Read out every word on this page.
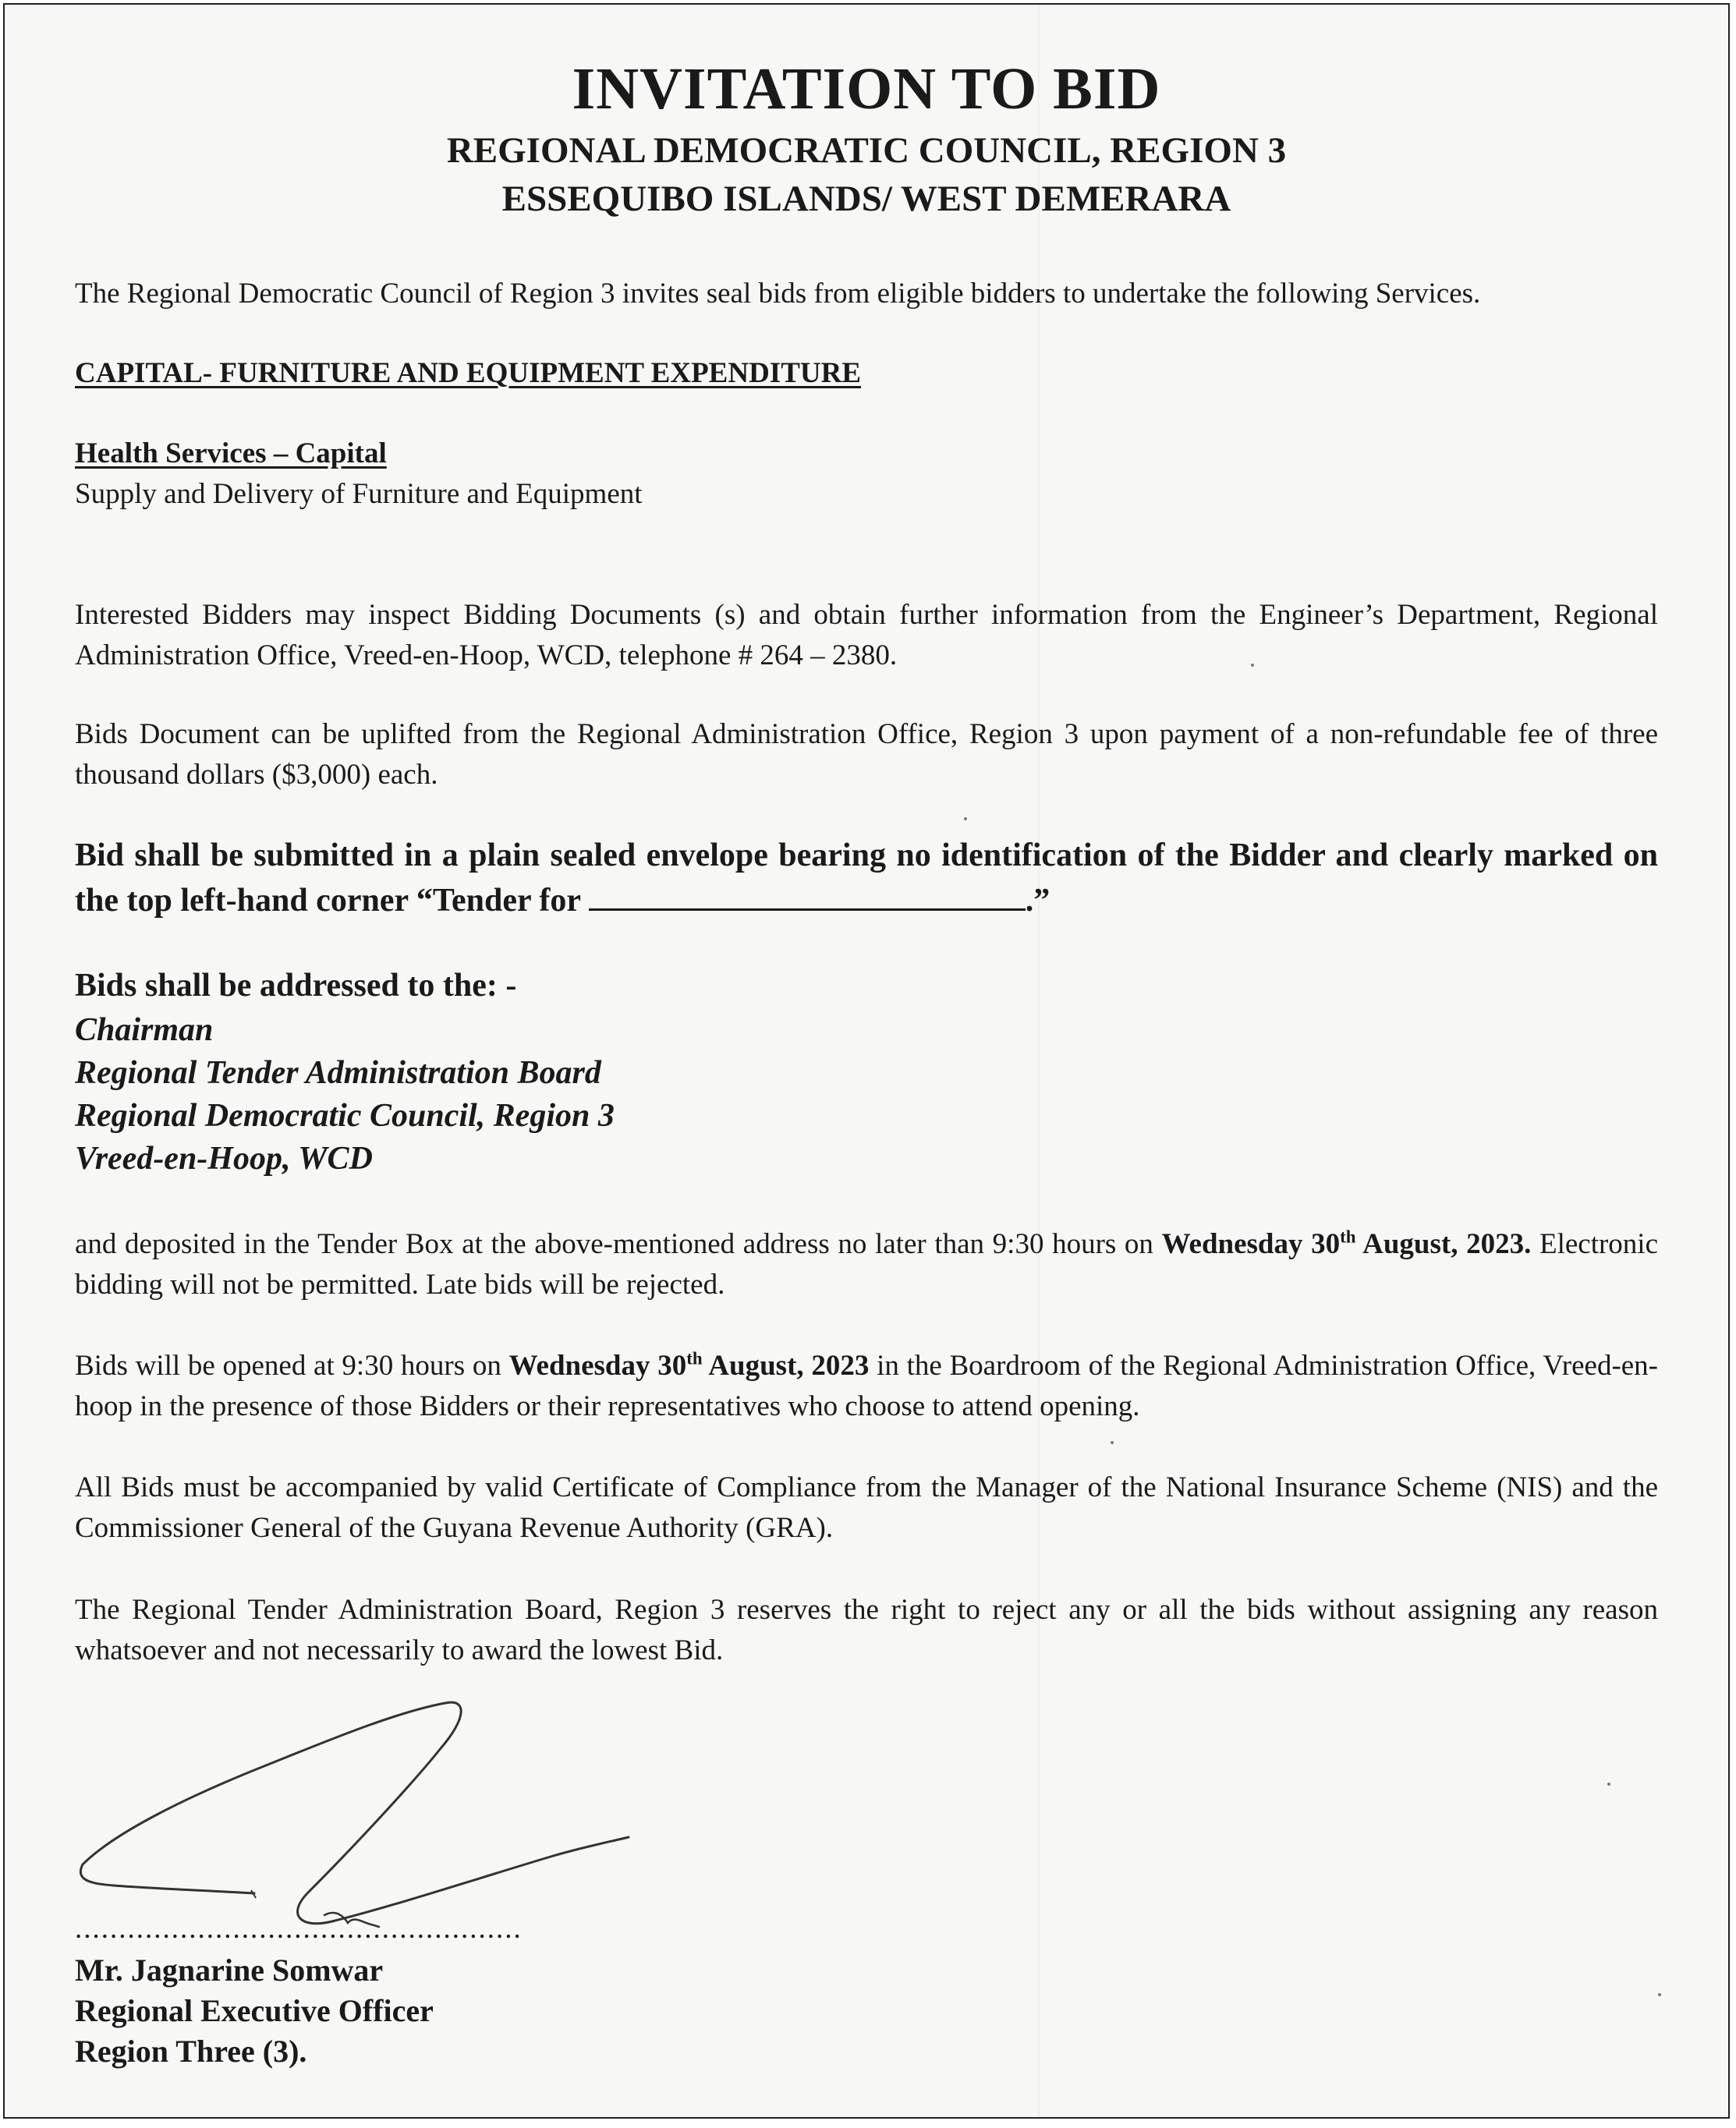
INVITATION TO BID
REGIONAL DEMOCRATIC COUNCIL, REGION 3
ESSEQUIBO ISLANDS/ WEST DEMERARA
The Regional Democratic Council of Region 3 invites seal bids from eligible bidders to undertake the following Services.
CAPITAL- FURNITURE AND EQUIPMENT EXPENDITURE
Health Services – Capital
Supply and Delivery of Furniture and Equipment
Interested Bidders may inspect Bidding Documents (s) and obtain further information from the Engineer’s Department, Regional Administration Office, Vreed-en-Hoop, WCD, telephone # 264 – 2380.
Bids Document can be uplifted from the Regional Administration Office, Region 3 upon payment of a non-refundable fee of three thousand dollars ($3,000) each.
Bid shall be submitted in a plain sealed envelope bearing no identification of the Bidder and clearly marked on the top left-hand corner “Tender for	.”
Bids shall be addressed to the: -
Chairman
Regional Tender Administration Board
Regional Democratic Council, Region 3
Vreed-en-Hoop, WCD
and deposited in the Tender Box at the above-mentioned address no later than 9:30 hours on Wednesday 30th August, 2023. Electronic bidding will not be permitted. Late bids will be rejected.
Bids will be opened at 9:30 hours on Wednesday 30th August, 2023 in the Boardroom of the Regional Administration Office, Vreed-en-hoop in the presence of those Bidders or their representatives who choose to attend opening.
All Bids must be accompanied by valid Certificate of Compliance from the Manager of the National Insurance Scheme (NIS) and the Commissioner General of the Guyana Revenue Authority (GRA).
The Regional Tender Administration Board, Region 3 reserves the right to reject any or all the bids without assigning any reason whatsoever and not necessarily to award the lowest Bid.
...................................................
Mr. Jagnarine Somwar
Regional Executive Officer
Region Three (3).
